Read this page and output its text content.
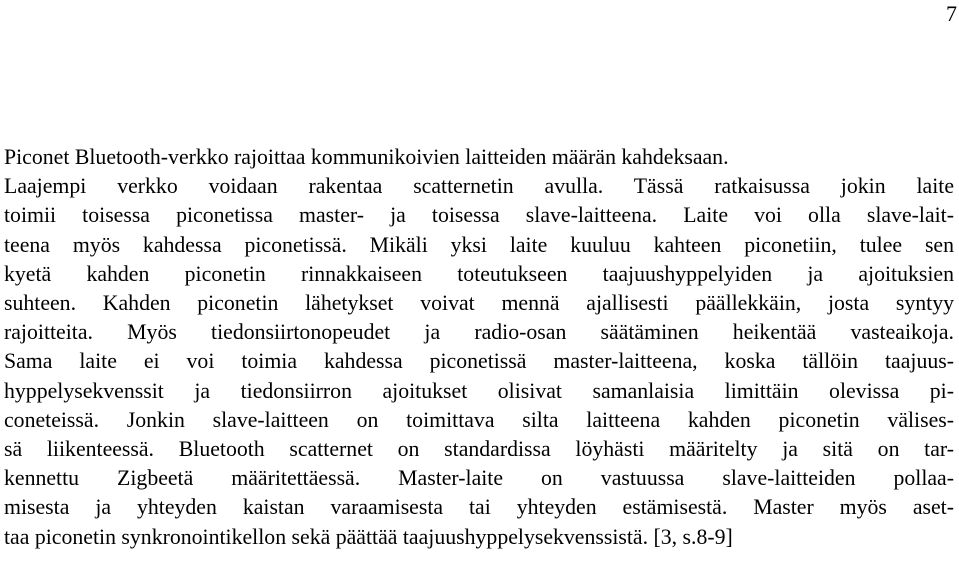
7
Piconet Bluetooth-verkko rajoittaa kommunikoivien laitteiden määrän kahdeksaan.
Laajempi verkko voidaan rakentaa scatternetin avulla. Tässä ratkaisussa jokin laite
toimii toisessa piconetissa master- ja toisessa slave-laitteena. Laite voi olla slave-lait-
teena myös kahdessa piconetissä. Mikäli yksi laite kuuluu kahteen piconetiin, tulee sen
kyetä kahden piconetin rinnakkaiseen toteutukseen taajuushyppelyiden ja ajoituksien
suhteen. Kahden piconetin lähetykset voivat mennä ajallisesti päällekkäin, josta syntyy
rajoitteita. Myös tiedonsiirtonopeudet ja radio-osan säätäminen heikentää vasteaikoja.
Sama laite ei voi toimia kahdessa piconetissä master-laitteena, koska tällöin taajuus-
hyppelysekvenssit ja tiedonsiirron ajoitukset olisivat samanlaisia limittäin olevissa pi-
coneteissä. Jonkin slave-laitteen on toimittava silta laitteena kahden piconetin välises-
sä liikenteessä. Bluetooth scatternet on standardissa löyhästi määritelty ja sitä on tar-
kennettu Zigbeetä määritettäessä. Master-laite on vastuussa slave-laitteiden pollaa-
misesta ja yhteyden kaistan varaamisesta tai yhteyden estämisestä. Master myös aset-
taa piconetin synkronointikellon sekä päättää taajuushyppelysekvenssistä. [3, s.8-9]
